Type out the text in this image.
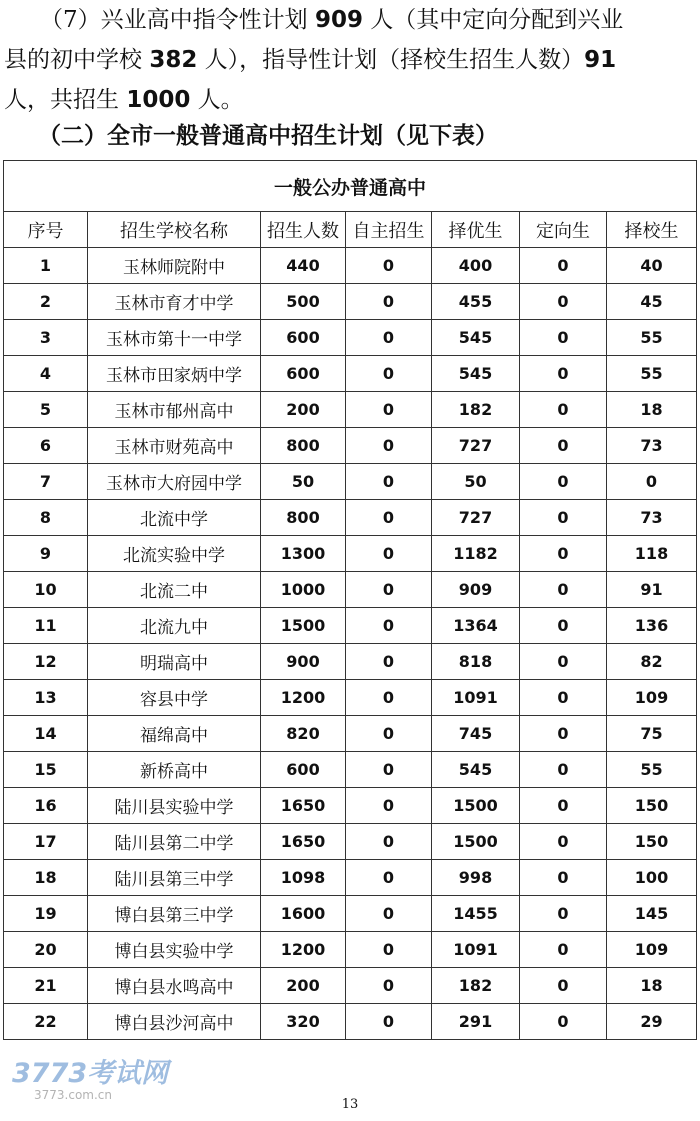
（7）兴业高中指令性计划 909 人（其中定向分配到兴业
县的初中学校 382 人），指导性计划（择校生招生人数）91
人，共招生 1000 人。
（二）全市一般普通高中招生计划（见下表）
一般公办普通高中						
序号	招生学校名称	招生人数	自主招生	择优生	定向生	择校生
1	玉林师院附中	440	0	400	0	40
2	玉林市育才中学	500	0	455	0	45
3	玉林市第十一中学	600	0	545	0	55
4	玉林市田家炳中学	600	0	545	0	55
5	玉林市郁州高中	200	0	182	0	18
6	玉林市财苑高中	800	0	727	0	73
7	玉林市大府园中学	50	0	50	0	0
8	北流中学	800	0	727	0	73
9	北流实验中学	1300	0	1182	0	118
10	北流二中	1000	0	909	0	91
11	北流九中	1500	0	1364	0	136
12	明瑞高中	900	0	818	0	82
13	容县中学	1200	0	1091	0	109
14	福绵高中	820	0	745	0	75
15	新桥高中	600	0	545	0	55
16	陆川县实验中学	1650	0	1500	0	150
17	陆川县第二中学	1650	0	1500	0	150
18	陆川县第三中学	1098	0	998	0	100
19	博白县第三中学	1600	0	1455	0	145
20	博白县实验中学	1200	0	1091	0	109
21	博白县水鸣高中	200	0	182	0	18
22	博白县沙河高中	320	0	291	0	29
3773考试网
3773.com.cn
13
